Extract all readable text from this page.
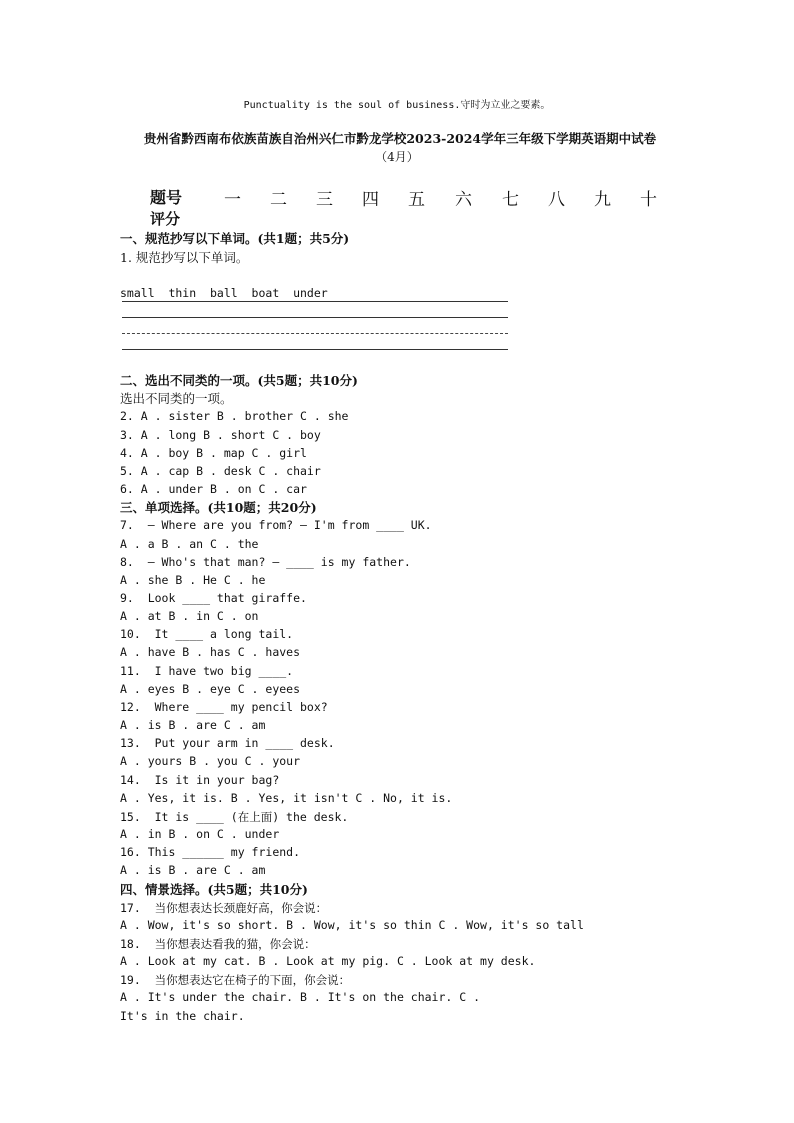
Punctuality is the soul of business.守时为立业之要素。
贵州省黔西南布依族苗族自治州兴仁市黔龙学校2023-2024学年三年级下学期英语期中试卷
（4月）
题号 一 二 三 四 五 六 七 八 九 十
评分
一、规范抄写以下单词。(共1题；共5分)
1. 规范抄写以下单词。
small  thin  ball  boat  under
二、选出不同类的一项。(共5题；共10分)
选出不同类的一项。
2. A . sister B . brother C . she
3. A . long B . short C . boy
4. A . boy B . map C . girl
5. A . cap B . desk C . chair
6. A . under B . on C . car
三、单项选择。(共10题；共20分)
7.  — Where are you from? — I'm from ____ UK.
A . a B . an C . the
8.  — Who's that man? — ____ is my father.
A . she B . He C . he
9.  Look ____ that giraffe.
A . at B . in C . on
10.  It ____ a long tail.
A . have B . has C . haves
11.  I have two big ____.
A . eyes B . eye C . eyees
12.  Where ____ my pencil box?
A . is B . are C . am
13.  Put your arm in ____ desk.
A . yours B . you C . your
14.  Is it in your bag?
A . Yes, it is. B . Yes, it isn't C . No, it is.
15.  It is ____ (在上面) the desk.
A . in B . on C . under
16. This ______ my friend.
A . is B . are C . am
四、情景选择。(共5题；共10分)
17.  当你想表达长颈鹿好高，你会说：
A . Wow, it's so short. B . Wow, it's so thin C . Wow, it's so tall
18.  当你想表达看我的猫，你会说：
A . Look at my cat. B . Look at my pig. C . Look at my desk.
19.  当你想表达它在椅子的下面，你会说：
A . It's under the chair. B . It's on the chair. C .
It's in the chair.
